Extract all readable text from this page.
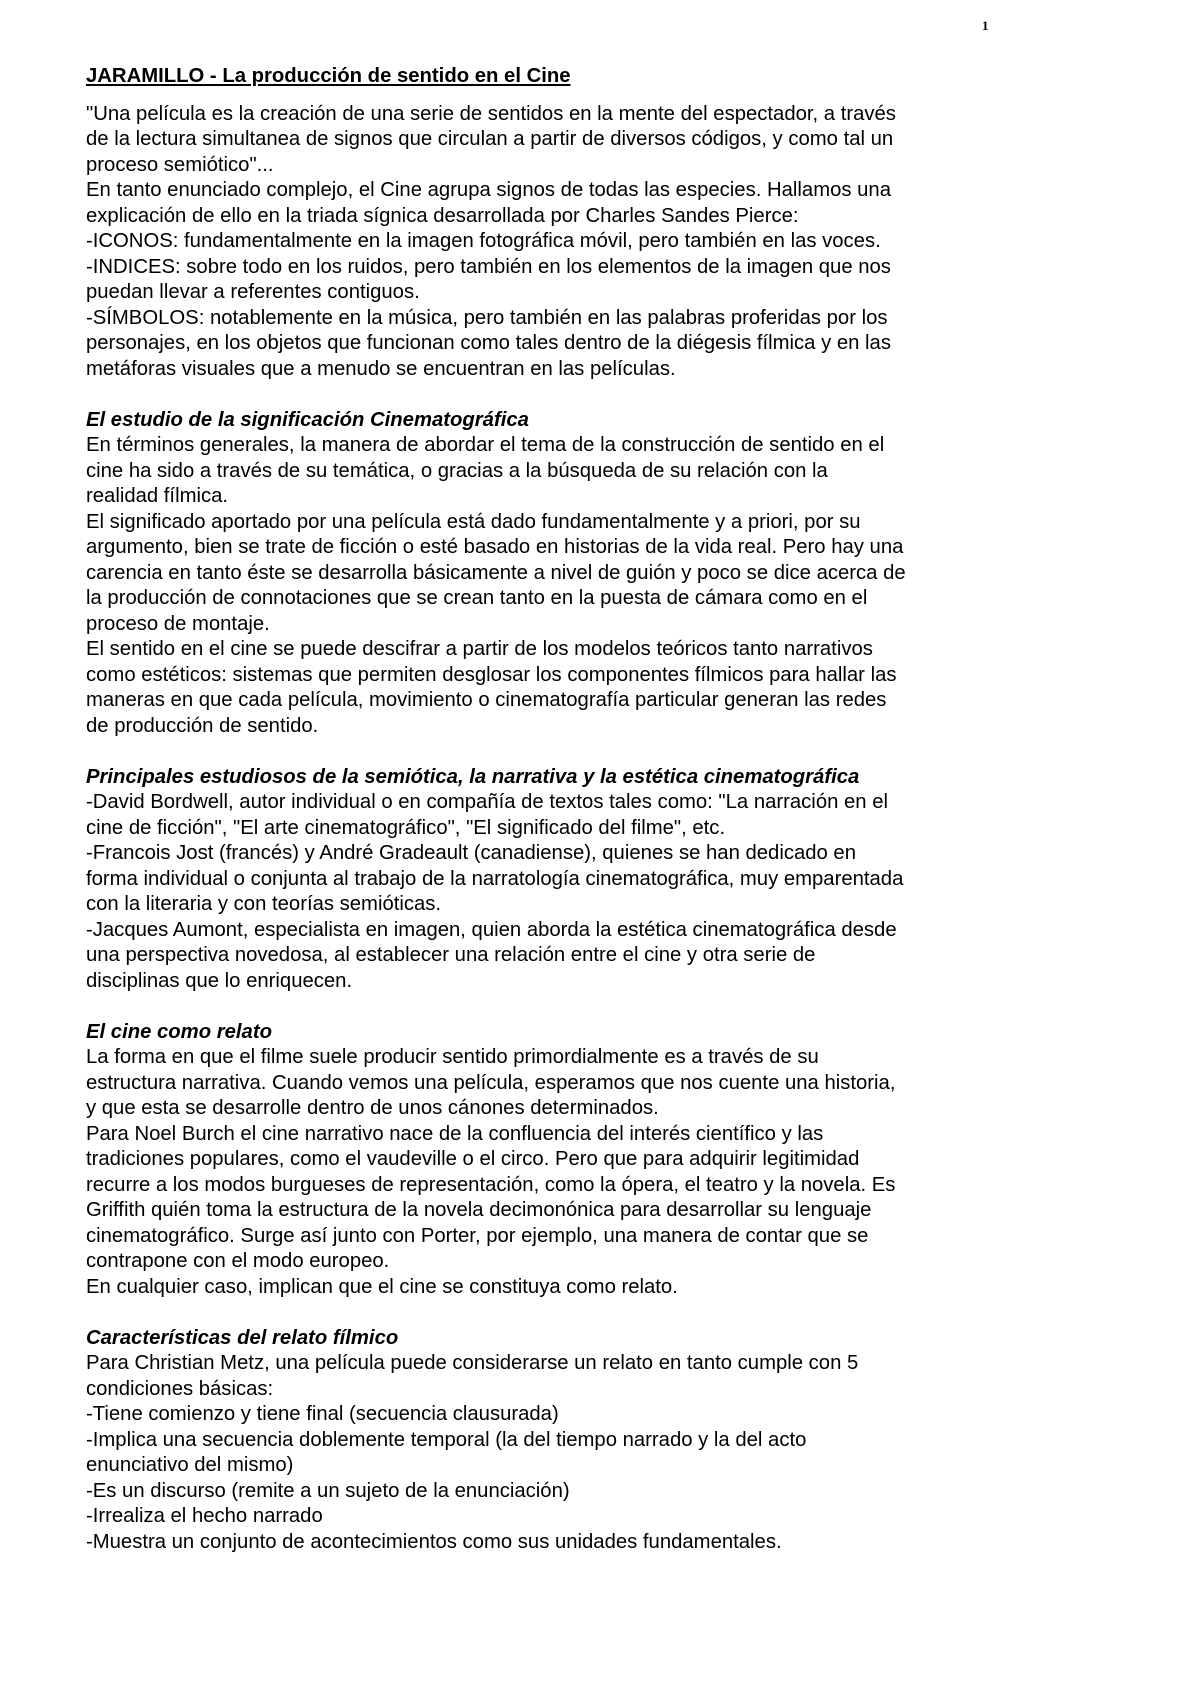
1

JARAMILLO - La producción de sentido en el Cine

"Una película es la creación de una serie de sentidos en la mente del espectador, a través
de la lectura simultanea de signos que circulan a partir de diversos códigos, y como tal un
proceso semiótico"...

En tanto enunciado complejo, el Cine agrupa signos de todas las especies. Hallamos una
explicación de ello en la triada sígnica desarrollada por Charles Sandes Pierce:

-ICONOS: fundamentalmente en la imagen fotográfica móvil, pero también en las voces.

-INDICES: sobre todo en los ruidos, pero también en los elementos de la imagen que nos
puedan llevar a referentes contiguos.

-SÍMBOLOS: notablemente en la música, pero también en las palabras proferidas por los
personajes, en los objetos que funcionan como tales dentro de la diégesis fílmica y en las
metáforas visuales que a menudo se encuentran en las películas.

El estudio de la significación Cinematográfica

En términos generales, la manera de abordar el tema de la construcción de sentido en el
cine ha sido a través de su temática, o gracias a la búsqueda de su relación con la
realidad fílmica.

El significado aportado por una película está dado fundamentalmente y a priori, por su
argumento, bien se trate de ficción o esté basado en historias de la vida real. Pero hay una
carencia en tanto éste se desarrolla básicamente a nivel de guión y poco se dice acerca de
la producción de connotaciones que se crean tanto en la puesta de cámara como en el
proceso de montaje.

El sentido en el cine se puede descifrar a partir de los modelos teóricos tanto narrativos
como estéticos: sistemas que permiten desglosar los componentes fílmicos para hallar las
maneras en que cada película, movimiento o cinematografía particular generan las redes
de producción de sentido.

Principales estudiosos de la semiótica, la narrativa y la estética cinematográfica

-David Bordwell, autor individual o en compañía de textos tales como: "La narración en el
cine de ficción", "El arte cinematográfico", "El significado del filme", etc.

-Francois Jost (francés) y André Gradeault (canadiense), quienes se han dedicado en
forma individual o conjunta al trabajo de la narratología cinematográfica, muy emparentada
con la literaria y con teorías semióticas.

-Jacques Aumont, especialista en imagen, quien aborda la estética cinematográfica desde
una perspectiva novedosa, al establecer una relación entre el cine y otra serie de
disciplinas que lo enriquecen.

El cine como relato

La forma en que el filme suele producir sentido primordialmente es a través de su
estructura narrativa. Cuando vemos una película, esperamos que nos cuente una historia,
y que esta se desarrolle dentro de unos cánones determinados.

Para Noel Burch el cine narrativo nace de la confluencia del interés científico y las
tradiciones populares, como el vaudeville o el circo. Pero que para adquirir legitimidad
recurre a los modos burgueses de representación, como la ópera, el teatro y la novela. Es
Griffith quién toma la estructura de la novela decimonónica para desarrollar su lenguaje
cinematográfico. Surge así junto con Porter, por ejemplo, una manera de contar que se
contrapone con el modo europeo.

En cualquier caso, implican que el cine se constituya como relato.

Características del relato fílmico

Para Christian Metz, una película puede considerarse un relato en tanto cumple con 5
condiciones básicas:

-Tiene comienzo y tiene final (secuencia clausurada)

-Implica una secuencia doblemente temporal (la del tiempo narrado y la del acto
enunciativo del mismo)

-Es un discurso (remite a un sujeto de la enunciación)

-Irrealiza el hecho narrado

-Muestra un conjunto de acontecimientos como sus unidades fundamentales.
